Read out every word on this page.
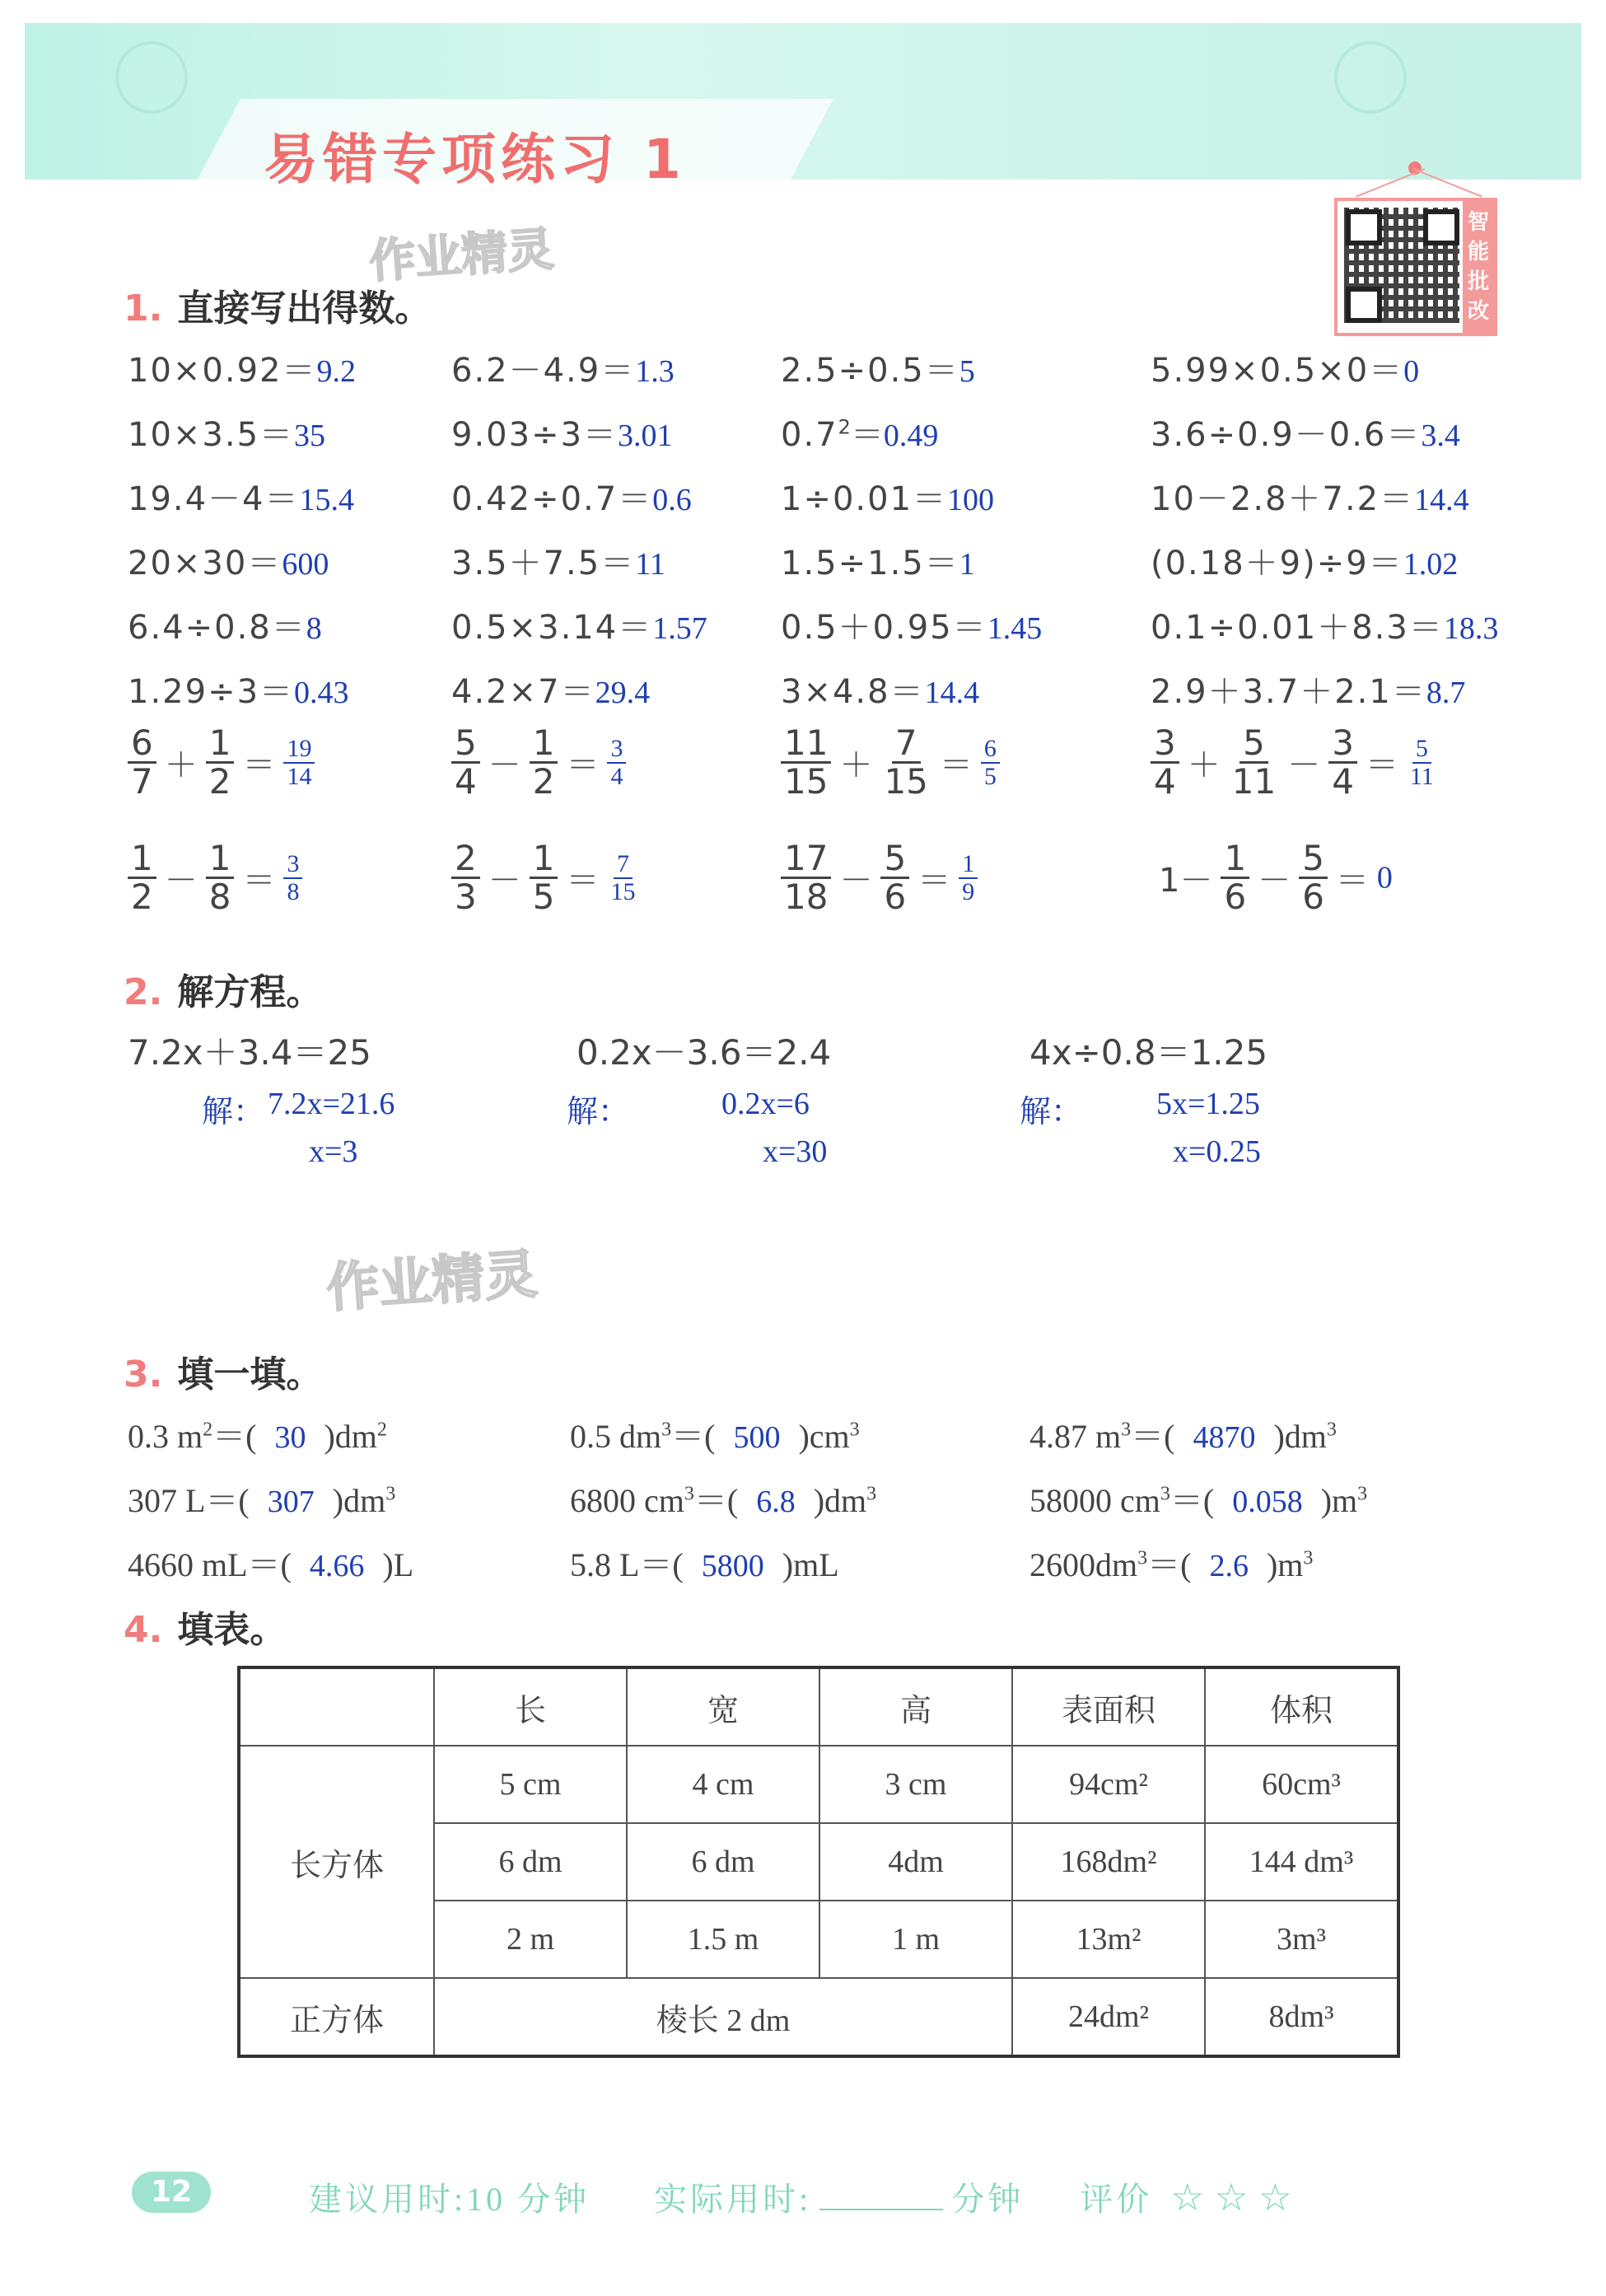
易错专项练习 1
作业精灵
作业精灵
智能批改
1. 直接写出得数。
10×0.92＝9.2	6.2－4.9＝1.3	2.5÷0.5＝5	5.99×0.5×0＝0
10×3.5＝35	9.03÷3＝3.01	$0.7^2=0.49$	3.6÷0.9－0.6＝3.4
19.4－4＝15.4	0.42÷0.7＝0.6	1÷0.01＝100	10－2.8＋7.2＝14.4
20×30＝600	3.5＋7.5＝11	1.5÷1.5＝1	(0.18＋9)÷9＝1.02
6.4÷0.8＝8	0.5×3.14＝1.57 0.5＋0.95＝1.45	0.1÷0.01＋8.3＝18.3
1.29÷3＝0.43	4.2×7＝29.4	3×4.8＝14.4	2.9＋3.7＋2.1＝8.7
$\frac{6}{7} + \frac{1}{2} = \frac{19}{14}$	$\frac{5}{4} - \frac{1}{2} = \frac{3}{4}$	$\frac{11}{15} + \frac{7}{15} = \frac{6}{5}$	$\frac{3}{4} + \frac{5}{11} - \frac{3}{4} = \frac{5}{11}$
$\frac{1}{2} - \frac{1}{8} = \frac{3}{8}$	$\frac{2}{3} - \frac{1}{5} = \frac{7}{15}$	$\frac{17}{18} - \frac{5}{6} = \frac{1}{9}$	$1- \frac{1}{6} - \frac{5}{6} = 0$
2. 解方程。
7.2x＋3.4＝25	0.2x－3.6＝2.4	4x÷0.8＝1.25
解： 7.2x=21.6
x=3
解：	0.2x=6
x=30
解： 5x=1.25
x=0.25
3. 填一填。
0.3 $m^2=$( 30 )$dm^2$	0.5 $dm^3=$( 500 )$cm^3$	4.87 $m^3=$( 4870 )$dm^3$
307 L＝( 307 )$dm^3$	6800 $cm^3=$( 6.8 )$dm^3$	58000 $cm^3=$( 0.058 )$m^3$
4660 mL＝( 4.66 )L	5.8 L＝( 5800 )mL	$2600dm^3=$( 2.6 )$m^3$
4. 填表。
	长	宽	高	表面积	体积
长方体	5 cm	4 cm	3 cm	94cm²	60cm³
	6 dm	6 dm	4dm	168dm²	144 dm³
	2 m	1.5 m	1 m	13m²	3m³
正方体	棱长 2 dm			24dm²	8dm³
12	建议用时:10 分钟 实际用时:	分钟 评价 ☆ ☆ ☆
